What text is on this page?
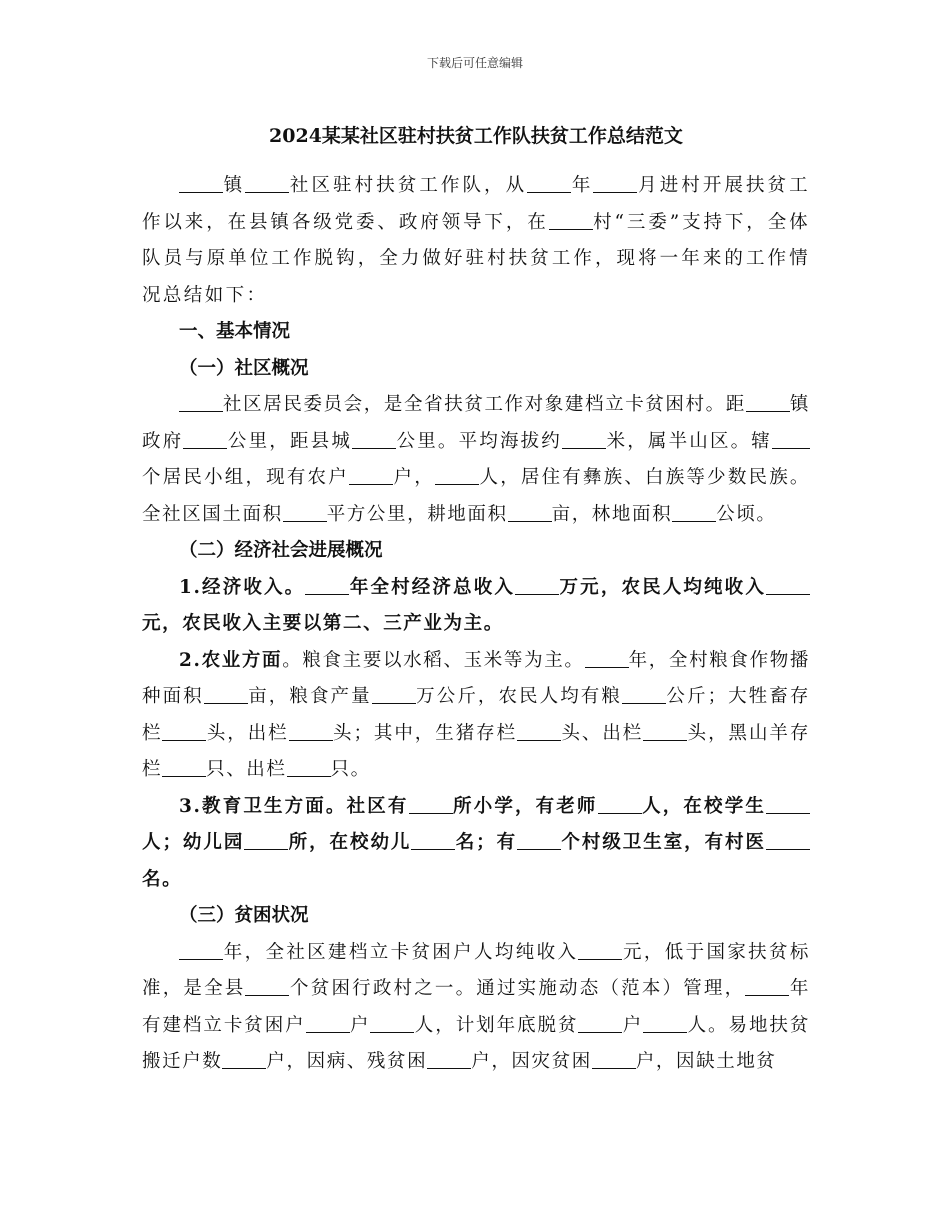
下载后可任意编辑
2024某某社区驻村扶贫工作队扶贫工作总结范文

镇 社区驻村扶贫工作队，从 年 月进村开展扶贫工作以来，在县镇各级党委、政府领导下，在 村“三委”支持下，全体队员与原单位工作脱钩，全力做好驻村扶贫工作，现将一年来的工作情况总结如下：

一、基本情况
（一）社区概况

社区居民委员会，是全省扶贫工作对象建档立卡贫困村。距 镇政府 公里，距县城 公里。平均海拔约 米，属半山区。辖个居民小组，现有农户 户， 人，居住有彝族、白族等少数民族。全社区国土面积 平方公里，耕地面积 亩，林地面积 公顷。

（二）经济社会进展概况

1.经济收入。 年全村经济总收入 万元，农民人均纯收入元，农民收入主要以第二、三产业为主。

2.农业方面。粮食主要以水稻、玉米等为主。 年，全村粮食作物播种面积 亩，粮食产量 万公斤，农民人均有粮 公斤；大牲畜存栏 头，出栏 头；其中，生猪存栏 头、出栏 头，黑山羊存栏 只、出栏 只。

3.教育卫生方面。社区有 所小学，有老师 人，在校学生人；幼儿园 所，在校幼儿 名；有 个村级卫生室，有村医名。

（三）贫困状况

年，全社区建档立卡贫困户人均纯收入 元，低于国家扶贫标准，是全县 个贫困行政村之一。通过实施动态（范本）管理， 年有建档立卡贫困户 户 人，计划年底脱贫 户 人。易地扶贫搬迁户数 户，因病、残贫困 户，因灾贫困 户，因缺土地贫
